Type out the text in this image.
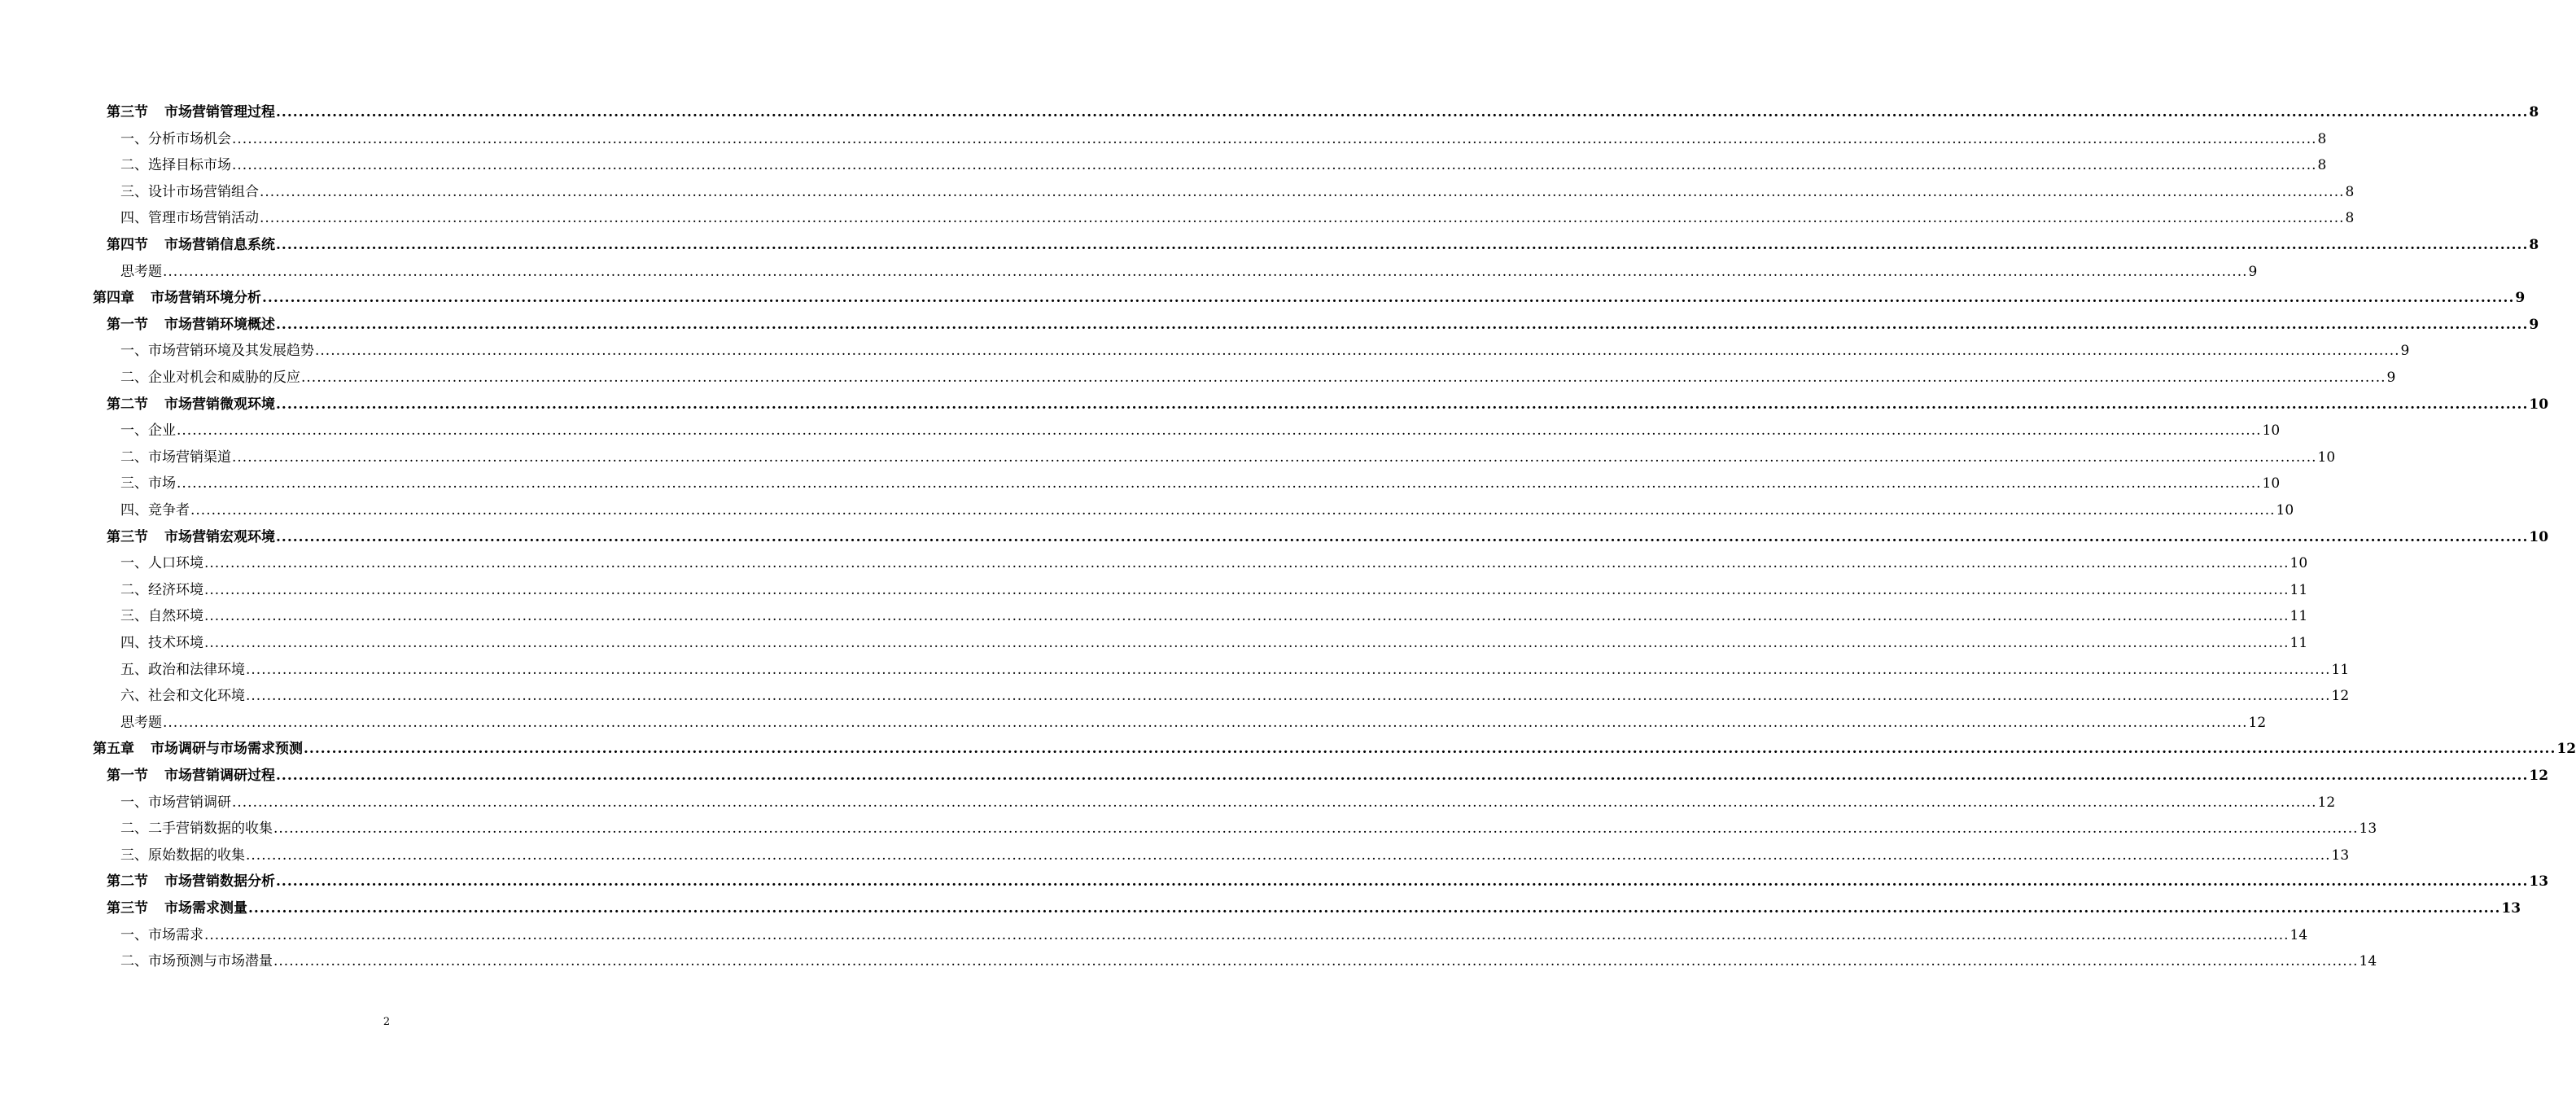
第三节 市场营销管理过程 ................................................................................................................................................................................................................................................................................................................................................................................................................ 8
一、分析市场机会 ................................................................................................................................................................................................................................................................................................................................................................................................................ 8
二、选择目标市场 ................................................................................................................................................................................................................................................................................................................................................................................................................ 8
三、设计市场营销组合 ................................................................................................................................................................................................................................................................................................................................................................................................................ 8
四、管理市场营销活动 ................................................................................................................................................................................................................................................................................................................................................................................................................ 8
第四节 市场营销信息系统 ................................................................................................................................................................................................................................................................................................................................................................................................................ 8
思考题 ................................................................................................................................................................................................................................................................................................................................................................................................................ 9
第四章 市场营销环境分析 ................................................................................................................................................................................................................................................................................................................................................................................................................ 9
第一节 市场营销环境概述 ................................................................................................................................................................................................................................................................................................................................................................................................................ 9
一、市场营销环境及其发展趋势 ................................................................................................................................................................................................................................................................................................................................................................................................................ 9
二、企业对机会和威胁的反应 ................................................................................................................................................................................................................................................................................................................................................................................................................ 9
第二节 市场营销微观环境 ................................................................................................................................................................................................................................................................................................................................................................................................................ 10
一、企业 ................................................................................................................................................................................................................................................................................................................................................................................................................ 10
二、市场营销渠道 ................................................................................................................................................................................................................................................................................................................................................................................................................ 10
三、市场 ................................................................................................................................................................................................................................................................................................................................................................................................................ 10
四、竞争者 ................................................................................................................................................................................................................................................................................................................................................................................................................ 10
第三节 市场营销宏观环境 ................................................................................................................................................................................................................................................................................................................................................................................................................ 10
一、人口环境 ................................................................................................................................................................................................................................................................................................................................................................................................................ 10
二、经济环境 ................................................................................................................................................................................................................................................................................................................................................................................................................ 11
三、自然环境 ................................................................................................................................................................................................................................................................................................................................................................................................................ 11
四、技术环境 ................................................................................................................................................................................................................................................................................................................................................................................................................ 11
五、政治和法律环境 ................................................................................................................................................................................................................................................................................................................................................................................................................ 11
六、社会和文化环境 ................................................................................................................................................................................................................................................................................................................................................................................................................ 12
思考题 ................................................................................................................................................................................................................................................................................................................................................................................................................ 12
第五章 市场调研与市场需求预测 ................................................................................................................................................................................................................................................................................................................................................................................................................ 12
第一节 市场营销调研过程 ................................................................................................................................................................................................................................................................................................................................................................................................................ 12
一、市场营销调研 ................................................................................................................................................................................................................................................................................................................................................................................................................ 12
二、二手营销数据的收集 ................................................................................................................................................................................................................................................................................................................................................................................................................ 13
三、原始数据的收集 ................................................................................................................................................................................................................................................................................................................................................................................................................ 13
第二节 市场营销数据分析 ................................................................................................................................................................................................................................................................................................................................................................................................................ 13
第三节 市场需求测量 ................................................................................................................................................................................................................................................................................................................................................................................................................ 13
一、市场需求 ................................................................................................................................................................................................................................................................................................................................................................................................................ 14
二、市场预测与市场潜量 ................................................................................................................................................................................................................................................................................................................................................................................................................ 14
2
